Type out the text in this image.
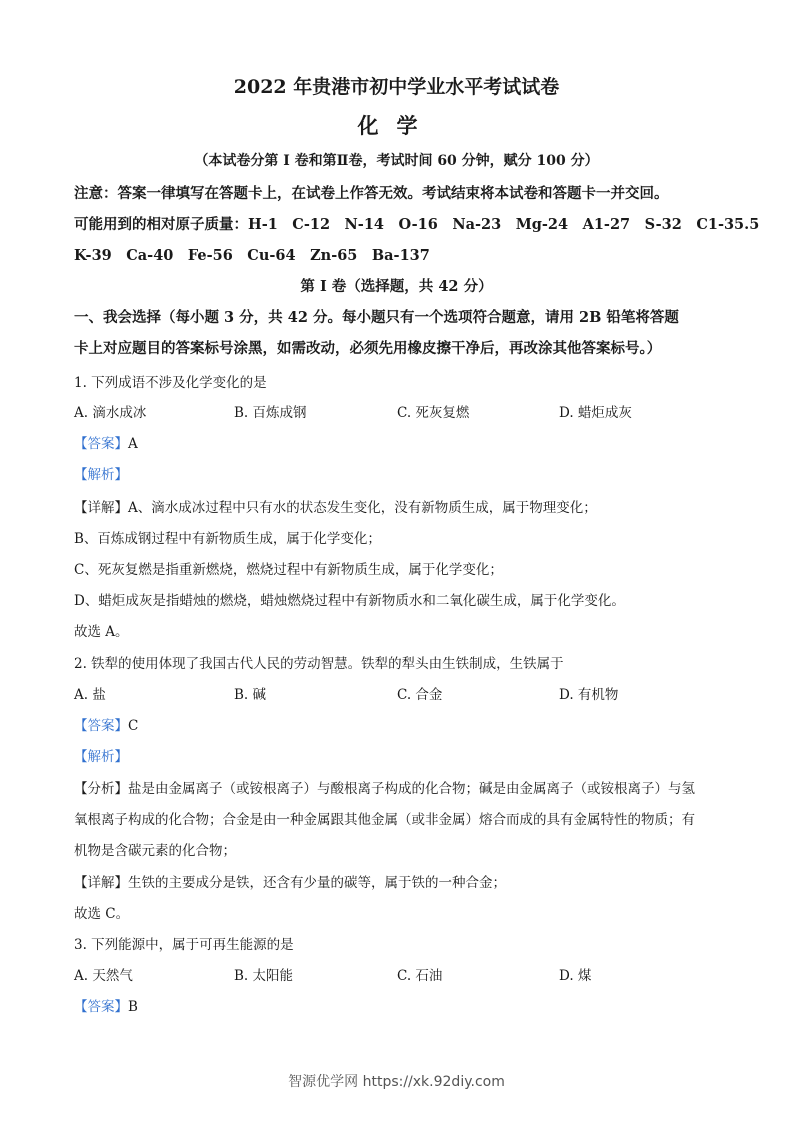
2022 年贵港市初中学业水平考试试卷
化学
（本试卷分第 I 卷和第Ⅱ卷，考试时间 60 分钟，赋分 100 分）
注意：答案一律填写在答题卡上，在试卷上作答无效。考试结束将本试卷和答题卡一并交回。
可能用到的相对原子质量：H-1　C-12　N-14　O-16　Na-23　Mg-24　A1-27　S-32　C1-35.5
K-39　Ca-40　Fe-56　Cu-64　Zn-65　Ba-137
第 I 卷（选择题，共 42 分）
一、我会选择（每小题 3 分，共 42 分。每小题只有一个选项符合题意，请用 2B 铅笔将答题
卡上对应题目的答案标号涂黑，如需改动，必须先用橡皮擦干净后，再改涂其他答案标号。）
1. 下列成语不涉及化学变化的是
A. 滴水成冰	B. 百炼成钢	C. 死灰复燃	D. 蜡炬成灰
【答案】A
【解析】
【详解】A、滴水成冰过程中只有水的状态发生变化，没有新物质生成，属于物理变化；
B、百炼成钢过程中有新物质生成，属于化学变化；
C、死灰复燃是指重新燃烧，燃烧过程中有新物质生成，属于化学变化；
D、蜡炬成灰是指蜡烛的燃烧，蜡烛燃烧过程中有新物质水和二氧化碳生成，属于化学变化。
故选 A。
2. 铁犁的使用体现了我国古代人民的劳动智慧。铁犁的犁头由生铁制成，生铁属于
A. 盐	B. 碱	C. 合金	D. 有机物
【答案】C
【解析】
【分析】盐是由金属离子（或铵根离子）与酸根离子构成的化合物；碱是由金属离子（或铵根离子）与氢
氧根离子构成的化合物；合金是由一种金属跟其他金属（或非金属）熔合而成的具有金属特性的物质；有
机物是含碳元素的化合物；
【详解】生铁的主要成分是铁，还含有少量的碳等，属于铁的一种合金；
故选 C。
3. 下列能源中，属于可再生能源的是
A. 天然气	B. 太阳能	C. 石油	D. 煤
【答案】B
智源优学网 https://xk.92diy.com
